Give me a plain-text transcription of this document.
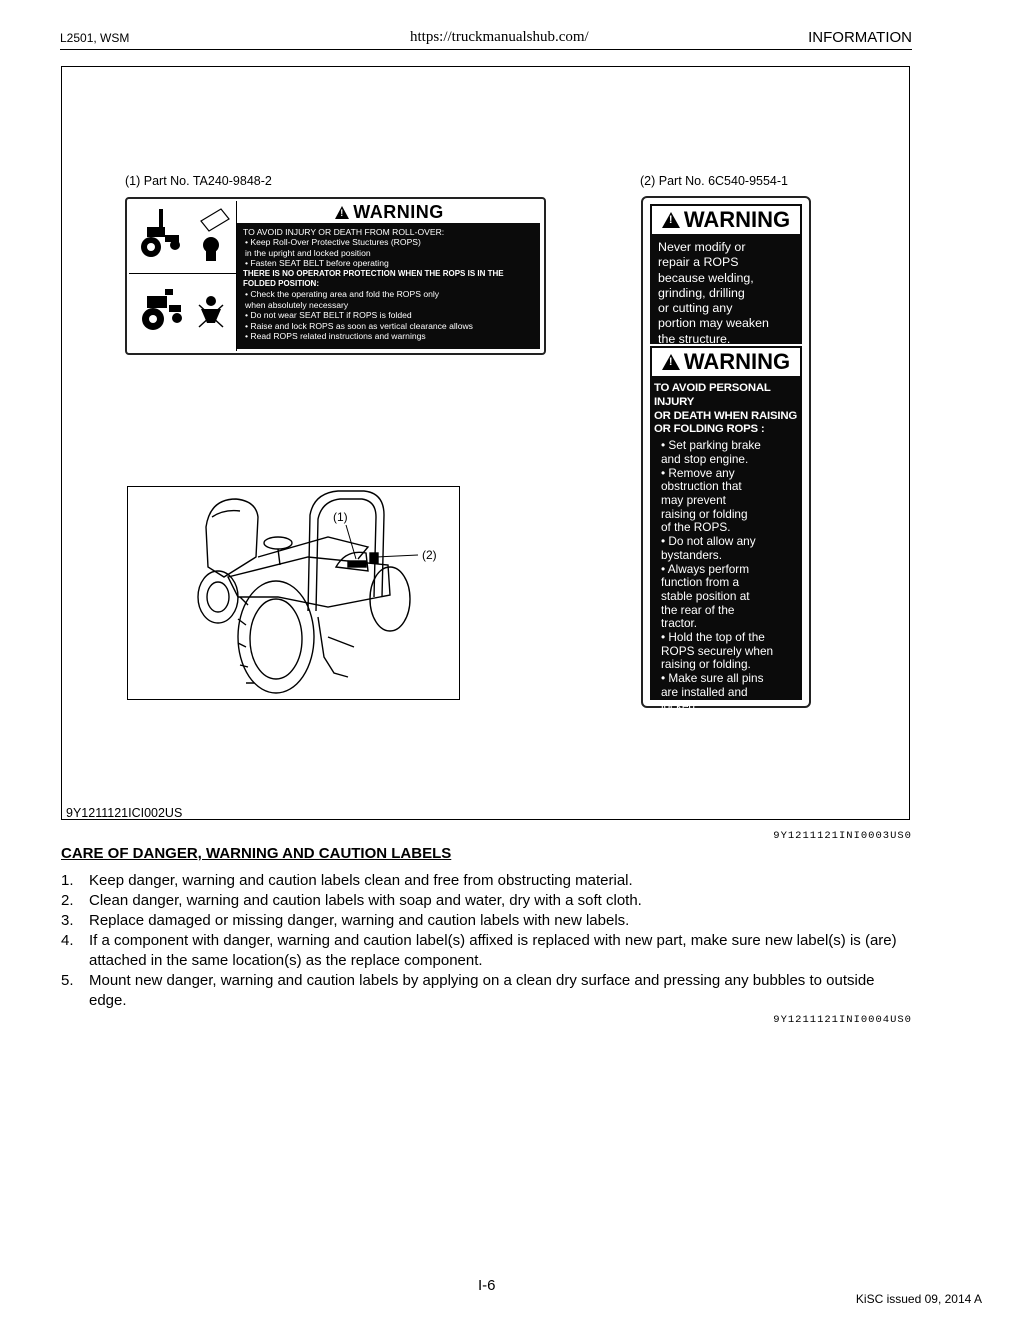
L2501, WSM	https://truckmanualshub.com/	INFORMATION
(1) Part No. TA240-9848-2	(2) Part No. 6C540-9554-1
!
WARNING
TO AVOID INJURY OR DEATH FROM ROLL-OVER:
• Keep Roll-Over Protective Stuctures (ROPS)
in the upright and locked position
• Fasten SEAT BELT before operating
THERE IS NO OPERATOR PROTECTION WHEN THE ROPS IS IN THE FOLDED POSITION:
• Check the operating area and fold the ROPS only
when absolutely necessary
• Do not wear SEAT BELT if ROPS is folded
• Raise and lock ROPS as soon as vertical clearance allows
• Read ROPS related instructions and warnings
!
WARNING
Never modify or
repair a ROPS
because welding,
grinding, drilling
or cutting any
portion may weaken
the structure.
!
WARNING
TO AVOID PERSONAL INJURY
OR DEATH WHEN RAISING
OR FOLDING ROPS :
• Set parking brake
and stop engine.
• Remove any
obstruction that
may prevent
raising or folding
of the ROPS.
• Do not allow any
bystanders.
• Always perform
function from a
stable position at
the rear of the
tractor.
• Hold the top of the
ROPS securely when
raising or folding.
• Make sure all pins
are installed and
locked.
(1)
(2)
9Y1211121ICI002US
9Y1211121INI0003US0
CARE OF DANGER, WARNING AND CAUTION LABELS
1.	Keep danger, warning and caution labels clean and free from obstructing material.
2.	Clean danger, warning and caution labels with soap and water, dry with a soft cloth.
3.	Replace damaged or missing danger, warning and caution labels with new labels.
4.	If a component with danger, warning and caution label(s) affixed is replaced with new part, make sure new label(s) is (are) attached in the same location(s) as the replace component.
5.	Mount new danger, warning and caution labels by applying on a clean dry surface and pressing any bubbles to outside edge.
9Y1211121INI0004US0
I-6
KiSC issued 09, 2014 A
